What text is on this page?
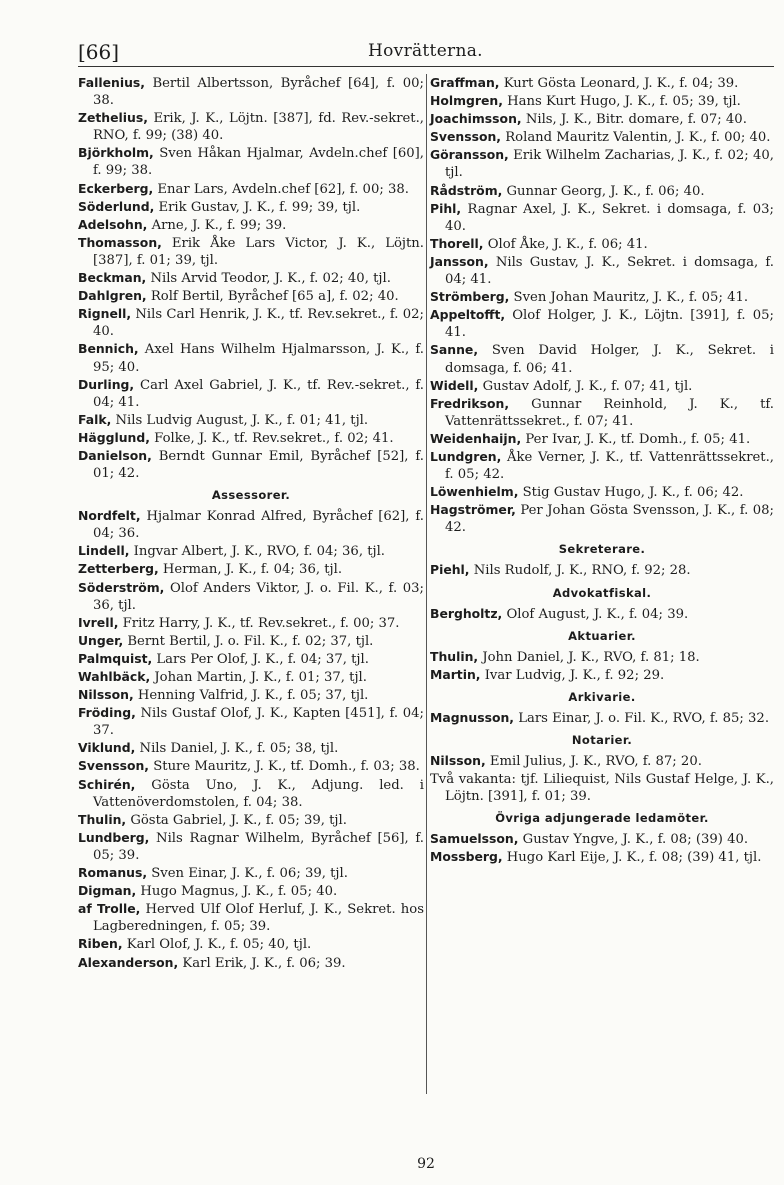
[66]	Hovrätterna.

Fallenius, Bertil Albertsson, Byråchef [64], f. 00; 38.

Zethelius, Erik, J. K., Löjtn. [387], fd. Rev.-sekret., RNO, f. 99; (38) 40.

Björkholm, Sven Håkan Hjalmar, Avdeln.chef [60], f. 99; 38.

Eckerberg, Enar Lars, Avdeln.chef [62], f. 00; 38.

Söderlund, Erik Gustav, J. K., f. 99; 39, tjl.

Adelsohn, Arne, J. K., f. 99; 39.

Thomasson, Erik Åke Lars Victor, J. K., Löjtn. [387], f. 01; 39, tjl.

Beckman, Nils Arvid Teodor, J. K., f. 02; 40, tjl.

Dahlgren, Rolf Bertil, Byråchef [65 a], f. 02; 40.

Rignell, Nils Carl Henrik, J. K., tf. Rev.sekret., f. 02; 40.

Bennich, Axel Hans Wilhelm Hjalmarsson, J. K., f. 95; 40.

Durling, Carl Axel Gabriel, J. K., tf. Rev.-sekret., f. 04; 41.

Falk, Nils Ludvig August, J. K., f. 01; 41, tjl.

Hägglund, Folke, J. K., tf. Rev.sekret., f. 02; 41.

Danielson, Berndt Gunnar Emil, Byråchef [52], f. 01; 42.

Assessorer.

Nordfelt, Hjalmar Konrad Alfred, Byråchef [62], f. 04; 36.

Lindell, Ingvar Albert, J. K., RVO, f. 04; 36, tjl.

Zetterberg, Herman, J. K., f. 04; 36, tjl.

Söderström, Olof Anders Viktor, J. o. Fil. K., f. 03; 36, tjl.

Ivrell, Fritz Harry, J. K., tf. Rev.sekret., f. 00; 37.

Unger, Bernt Bertil, J. o. Fil. K., f. 02; 37, tjl.

Palmquist, Lars Per Olof, J. K., f. 04; 37, tjl.

Wahlbäck, Johan Martin, J. K., f. 01; 37, tjl.

Nilsson, Henning Valfrid, J. K., f. 05; 37, tjl.

Fröding, Nils Gustaf Olof, J. K., Kapten [451], f. 04; 37.

Viklund, Nils Daniel, J. K., f. 05; 38, tjl.

Svensson, Sture Mauritz, J. K., tf. Domh., f. 03; 38.

Schirén, Gösta Uno, J. K., Adjung. led. i Vattenöverdomstolen, f. 04; 38.

Thulin, Gösta Gabriel, J. K., f. 05; 39, tjl.

Lundberg, Nils Ragnar Wilhelm, Byråchef [56], f. 05; 39.

Romanus, Sven Einar, J. K., f. 06; 39, tjl.

Digman, Hugo Magnus, J. K., f. 05; 40.

af Trolle, Herved Ulf Olof Herluf, J. K., Sekret. hos Lagberedningen, f. 05; 39.

Riben, Karl Olof, J. K., f. 05; 40, tjl.

Alexanderson, Karl Erik, J. K., f. 06; 39.

Graffman, Kurt Gösta Leonard, J. K., f. 04; 39.

Holmgren, Hans Kurt Hugo, J. K., f. 05; 39, tjl.

Joachimsson, Nils, J. K., Bitr. domare, f. 07; 40.

Svensson, Roland Mauritz Valentin, J. K., f. 00; 40.

Göransson, Erik Wilhelm Zacharias, J. K., f. 02; 40, tjl.

Rådström, Gunnar Georg, J. K., f. 06; 40.

Pihl, Ragnar Axel, J. K., Sekret. i domsaga, f. 03; 40.

Thorell, Olof Åke, J. K., f. 06; 41.

Jansson, Nils Gustav, J. K., Sekret. i domsaga, f. 04; 41.

Strömberg, Sven Johan Mauritz, J. K., f. 05; 41.

Appeltofft, Olof Holger, J. K., Löjtn. [391], f. 05; 41.

Sanne, Sven David Holger, J. K., Sekret. i domsaga, f. 06; 41.

Widell, Gustav Adolf, J. K., f. 07; 41, tjl.

Fredrikson, Gunnar Reinhold, J. K., tf. Vattenrättssekret., f. 07; 41.

Weidenhaijn, Per Ivar, J. K., tf. Domh., f. 05; 41.

Lundgren, Åke Verner, J. K., tf. Vattenrättssekret., f. 05; 42.

Löwenhielm, Stig Gustav Hugo, J. K., f. 06; 42.

Hagströmer, Per Johan Gösta Svensson, J. K., f. 08; 42.

Sekreterare.

Piehl, Nils Rudolf, J. K., RNO, f. 92; 28.

Advokatfiskal.

Bergholtz, Olof August, J. K., f. 04; 39.

Aktuarier.

Thulin, John Daniel, J. K., RVO, f. 81; 18.

Martin, Ivar Ludvig, J. K., f. 92; 29.

Arkivarie.

Magnusson, Lars Einar, J. o. Fil. K., RVO, f. 85; 32.

Notarier.

Nilsson, Emil Julius, J. K., RVO, f. 87; 20.

Två vakanta: tjf. Liliequist, Nils Gustaf Helge, J. K., Löjtn. [391], f. 01; 39.

Övriga adjungerade ledamöter.

Samuelsson, Gustav Yngve, J. K., f. 08; (39) 40.

Mossberg, Hugo Karl Eije, J. K., f. 08; (39) 41, tjl.

92
